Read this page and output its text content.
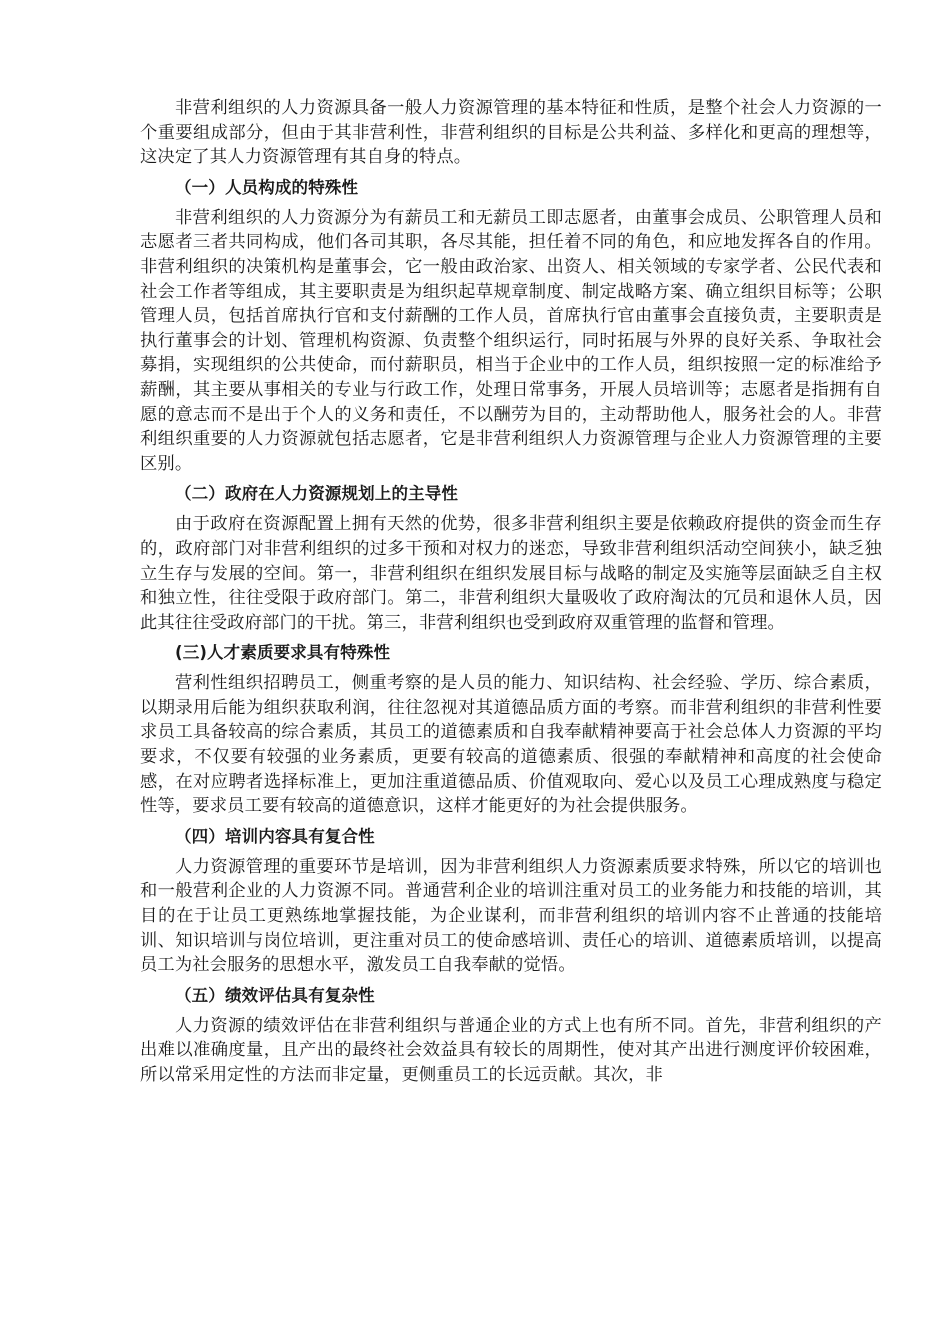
非营利组织的人力资源具备一般人力资源管理的基本特征和性质，是整个社会人力资源的一个重要组成部分，但由于其非营利性，非营利组织的目标是公共利益、多样化和更高的理想等，这决定了其人力资源管理有其自身的特点。

（一）人员构成的特殊性

非营利组织的人力资源分为有薪员工和无薪员工即志愿者，由董事会成员、公职管理人员和志愿者三者共同构成，他们各司其职，各尽其能，担任着不同的角色，和应地发挥各自的作用。非营利组织的决策机构是董事会，它一般由政治家、出资人、相关领域的专家学者、公民代表和社会工作者等组成，其主要职责是为组织起草规章制度、制定战略方案、确立组织目标等；公职管理人员，包括首席执行官和支付薪酬的工作人员，首席执行官由董事会直接负责，主要职责是执行董事会的计划、管理机构资源、负责整个组织运行，同时拓展与外界的良好关系、争取社会募捐，实现组织的公共使命，而付薪职员，相当于企业中的工作人员，组织按照一定的标准给予薪酬，其主要从事相关的专业与行政工作，处理日常事务，开展人员培训等；志愿者是指拥有自愿的意志而不是出于个人的义务和责任，不以酬劳为目的，主动帮助他人，服务社会的人。非营利组织重要的人力资源就包括志愿者，它是非营利组织人力资源管理与企业人力资源管理的主要区别。

（二）政府在人力资源规划上的主导性

由于政府在资源配置上拥有天然的优势，很多非营利组织主要是依赖政府提供的资金而生存的，政府部门对非营利组织的过多干预和对权力的迷恋，导致非营利组织活动空间狭小，缺乏独立生存与发展的空间。第一，非营利组织在组织发展目标与战略的制定及实施等层面缺乏自主权和独立性，往往受限于政府部门。第二，非营利组织大量吸收了政府淘汰的冗员和退休人员，因此其往往受政府部门的干扰。第三，非营利组织也受到政府双重管理的监督和管理。

(三)人才素质要求具有特殊性

营利性组织招聘员工，侧重考察的是人员的能力、知识结构、社会经验、学历、综合素质，以期录用后能为组织获取利润，往往忽视对其道德品质方面的考察。而非营利组织的非营利性要求员工具备较高的综合素质，其员工的道德素质和自我奉献精神要高于社会总体人力资源的平均要求，不仅要有较强的业务素质，更要有较高的道德素质、很强的奉献精神和高度的社会使命感，在对应聘者选择标准上，更加注重道德品质、价值观取向、爱心以及员工心理成熟度与稳定性等，要求员工要有较高的道德意识，这样才能更好的为社会提供服务。

（四）培训内容具有复合性

人力资源管理的重要环节是培训，因为非营利组织人力资源素质要求特殊，所以它的培训也和一般营利企业的人力资源不同。普通营利企业的培训注重对员工的业务能力和技能的培训，其目的在于让员工更熟练地掌握技能，为企业谋利，而非营利组织的培训内容不止普通的技能培训、知识培训与岗位培训，更注重对员工的使命感培训、责任心的培训、道德素质培训，以提高员工为社会服务的思想水平，激发员工自我奉献的觉悟。

（五）绩效评估具有复杂性

人力资源的绩效评估在非营利组织与普通企业的方式上也有所不同。首先，非营利组织的产出难以准确度量，且产出的最终社会效益具有较长的周期性，使对其产出进行测度评价较困难，所以常采用定性的方法而非定量，更侧重员工的长远贡献。其次，非
